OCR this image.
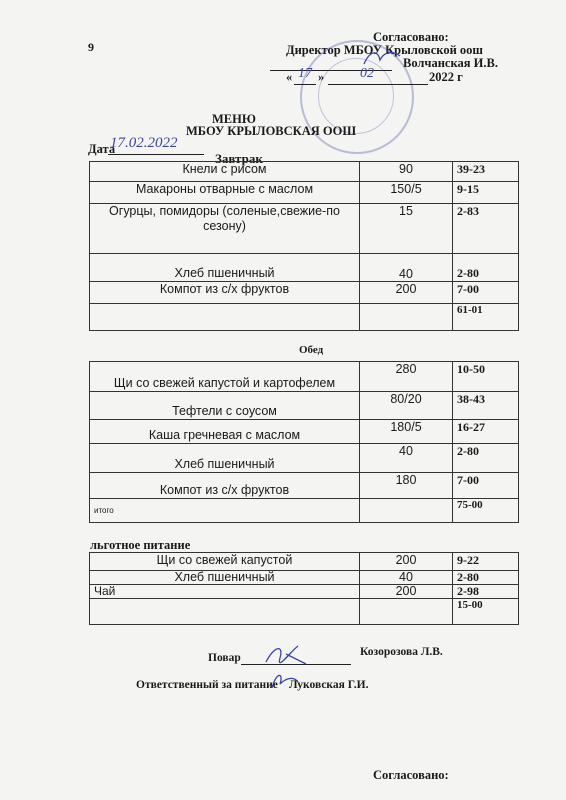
9
Согласовано:
Директор МБОУ Крыловской оош
Волчанская И.В.
« 17 »	02	2022 г
МЕНЮ
МБОУ КРЫЛОВСКАЯ ООШ
Дата
17.02.2022
Завтрак
Кнели с рисом	90	39-23
Макароны отварные с маслом	150/5	9-15
Огурцы, помидоры (соленые,свежие-по сезону)	15	2-83
Хлеб пшеничный	40	2-80
Компот из с/х фруктов	200	7-00
		61-01
Обед
Щи со свежей капустой и картофелем	280	10-50
Тефтели с соусом	80/20	38-43
Каша гречневая с маслом	180/5	16-27
Хлеб пшеничный	40	2-80
Компот из с/х фруктов	180	7-00
итого		75-00
льготное питание
Щи со свежей капустой	200	9-22
Хлеб пшеничный	40	2-80
Чай	200	2-98
		15-00
Повар	Козорозова Л.В.
Ответственный за питание Луковская Г.И.
Согласовано:
